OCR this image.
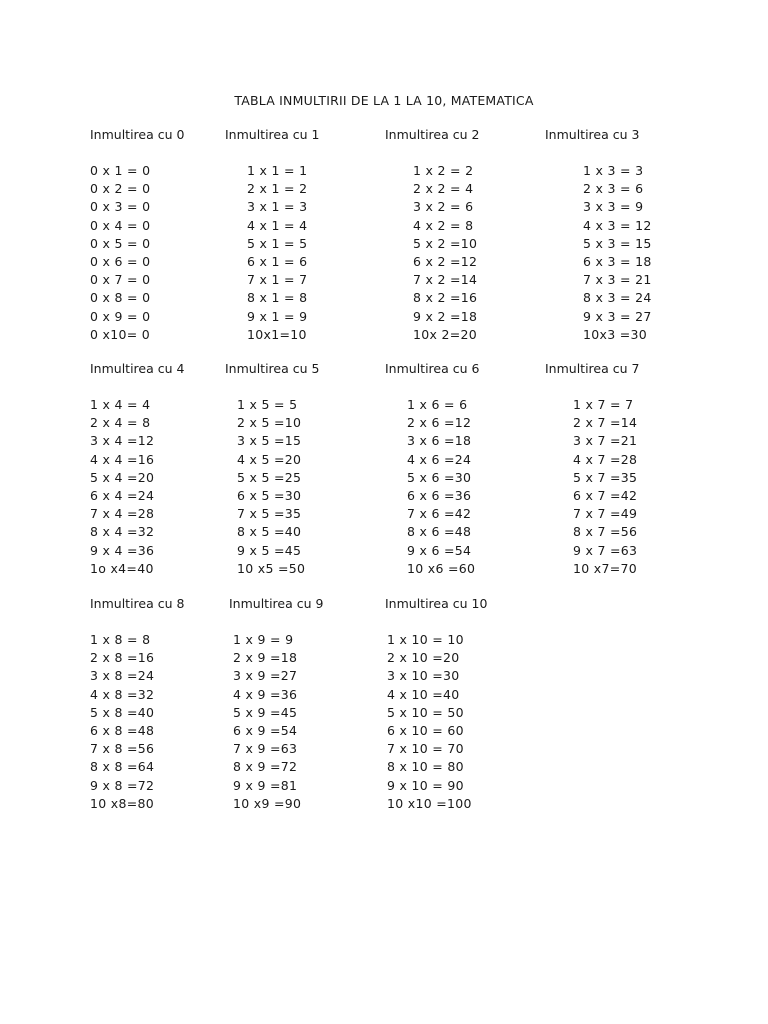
TABLA INMULTIRII DE LA 1 LA 10, MATEMATICA
Inmultirea cu 0
0 x 1 = 0
0 x 2 = 0
0 x 3 = 0
0 x 4 = 0
0 x 5 = 0
0 x 6 = 0
0 x 7 = 0
0 x 8 = 0
0 x 9 = 0
0 x10= 0
Inmultirea cu 1
1 x 1 = 1
2 x 1 = 2
3 x 1 = 3
4 x 1 = 4
5 x 1 = 5
6 x 1 = 6
7 x 1 = 7
8 x 1 = 8
9 x 1 = 9
10x1=10
Inmultirea cu 2
1 x 2 = 2
2 x 2 = 4
3 x 2 = 6
4 x 2 = 8
5 x 2 =10
6 x 2 =12
7 x 2 =14
8 x 2 =16
9 x 2 =18
10x 2=20
Inmultirea cu 3
1 x 3 = 3
2 x 3 = 6
3 x 3 = 9
4 x 3 = 12
5 x 3 = 15
6 x 3 = 18
7 x 3 = 21
8 x 3 = 24
9 x 3 = 27
10x3 =30
Inmultirea cu 4
1 x 4 = 4
2 x 4 = 8
3 x 4 =12
4 x 4 =16
5 x 4 =20
6 x 4 =24
7 x 4 =28
8 x 4 =32
9 x 4 =36
1o x4=40
Inmultirea cu 5
1 x 5 = 5
2 x 5 =10
3 x 5 =15
4 x 5 =20
5 x 5 =25
6 x 5 =30
7 x 5 =35
8 x 5 =40
9 x 5 =45
10 x5 =50
Inmultirea cu 6
1 x 6 = 6
2 x 6 =12
3 x 6 =18
4 x 6 =24
5 x 6 =30
6 x 6 =36
7 x 6 =42
8 x 6 =48
9 x 6 =54
10 x6 =60
Inmultirea cu 7
1 x 7 = 7
2 x 7 =14
3 x 7 =21
4 x 7 =28
5 x 7 =35
6 x 7 =42
7 x 7 =49
8 x 7 =56
9 x 7 =63
10 x7=70
Inmultirea cu 8
1 x 8 = 8
2 x 8 =16
3 x 8 =24
4 x 8 =32
5 x 8 =40
6 x 8 =48
7 x 8 =56
8 x 8 =64
9 x 8 =72
10 x8=80
Inmultirea cu 9
1 x 9 = 9
2 x 9 =18
3 x 9 =27
4 x 9 =36
5 x 9 =45
6 x 9 =54
7 x 9 =63
8 x 9 =72
9 x 9 =81
10 x9 =90
Inmultirea cu 10
1 x 10 = 10
2 x 10 =20
3 x 10 =30
4 x 10 =40
5 x 10 = 50
6 x 10 = 60
7 x 10 = 70
8 x 10 = 80
9 x 10 = 90
10 x10 =100
